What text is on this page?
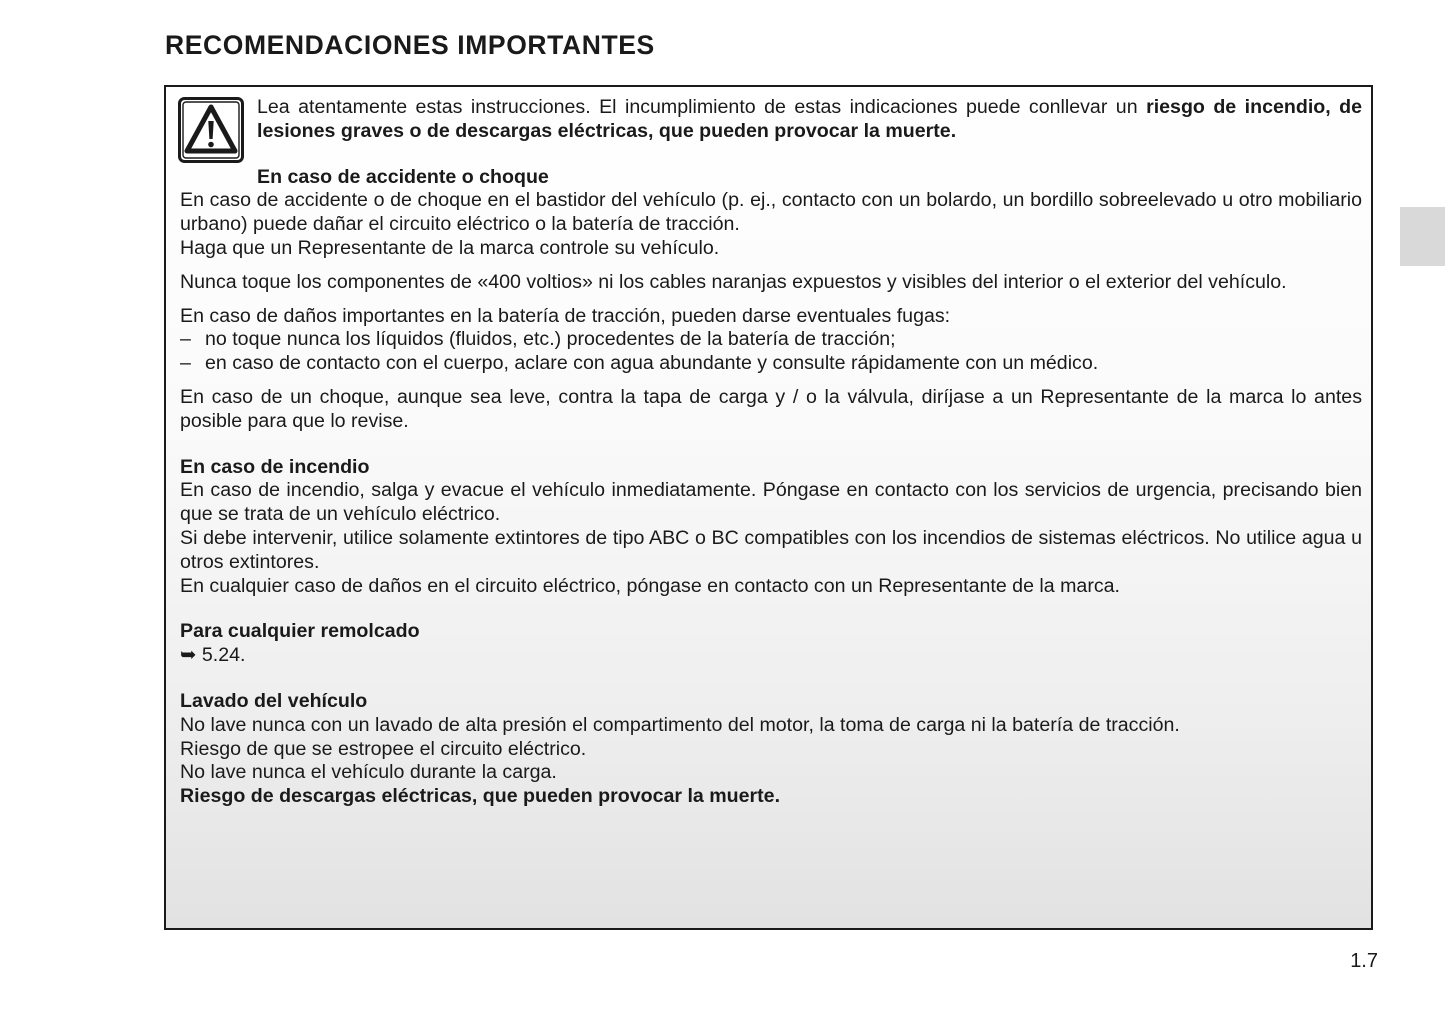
RECOMENDACIONES IMPORTANTES

Lea atentamente estas instrucciones. El incumplimiento de estas indicaciones puede conllevar un riesgo de incendio, de lesiones graves o de descargas eléctricas, que pueden provocar la muerte.

En caso de accidente o choque

En caso de accidente o de choque en el bastidor del vehículo (p. ej., contacto con un bolardo, un bordillo sobreelevado u otro mobiliario urbano) puede dañar el circuito eléctrico o la batería de tracción.

Haga que un Representante de la marca controle su vehículo.

Nunca toque los componentes de «400 voltios» ni los cables naranjas expuestos y visibles del interior o el exterior del vehículo.

En caso de daños importantes en la batería de tracción, pueden darse eventuales fugas:

– no toque nunca los líquidos (fluidos, etc.) procedentes de la batería de tracción;
– en caso de contacto con el cuerpo, aclare con agua abundante y consulte rápidamente con un médico.

En caso de un choque, aunque sea leve, contra la tapa de carga y / o la válvula, diríjase a un Representante de la marca lo antes posible para que lo revise.

En caso de incendio

En caso de incendio, salga y evacue el vehículo inmediatamente. Póngase en contacto con los servicios de urgencia, precisando bien que se trata de un vehículo eléctrico.

Si debe intervenir, utilice solamente extintores de tipo ABC o BC compatibles con los incendios de sistemas eléctricos. No utilice agua u otros extintores.

En cualquier caso de daños en el circuito eléctrico, póngase en contacto con un Representante de la marca.

Para cualquier remolcado

➥ 5.24.

Lavado del vehículo

No lave nunca con un lavado de alta presión el compartimento del motor, la toma de carga ni la batería de tracción.

Riesgo de que se estropee el circuito eléctrico.

No lave nunca el vehículo durante la carga.

Riesgo de descargas eléctricas, que pueden provocar la muerte.

1.7
